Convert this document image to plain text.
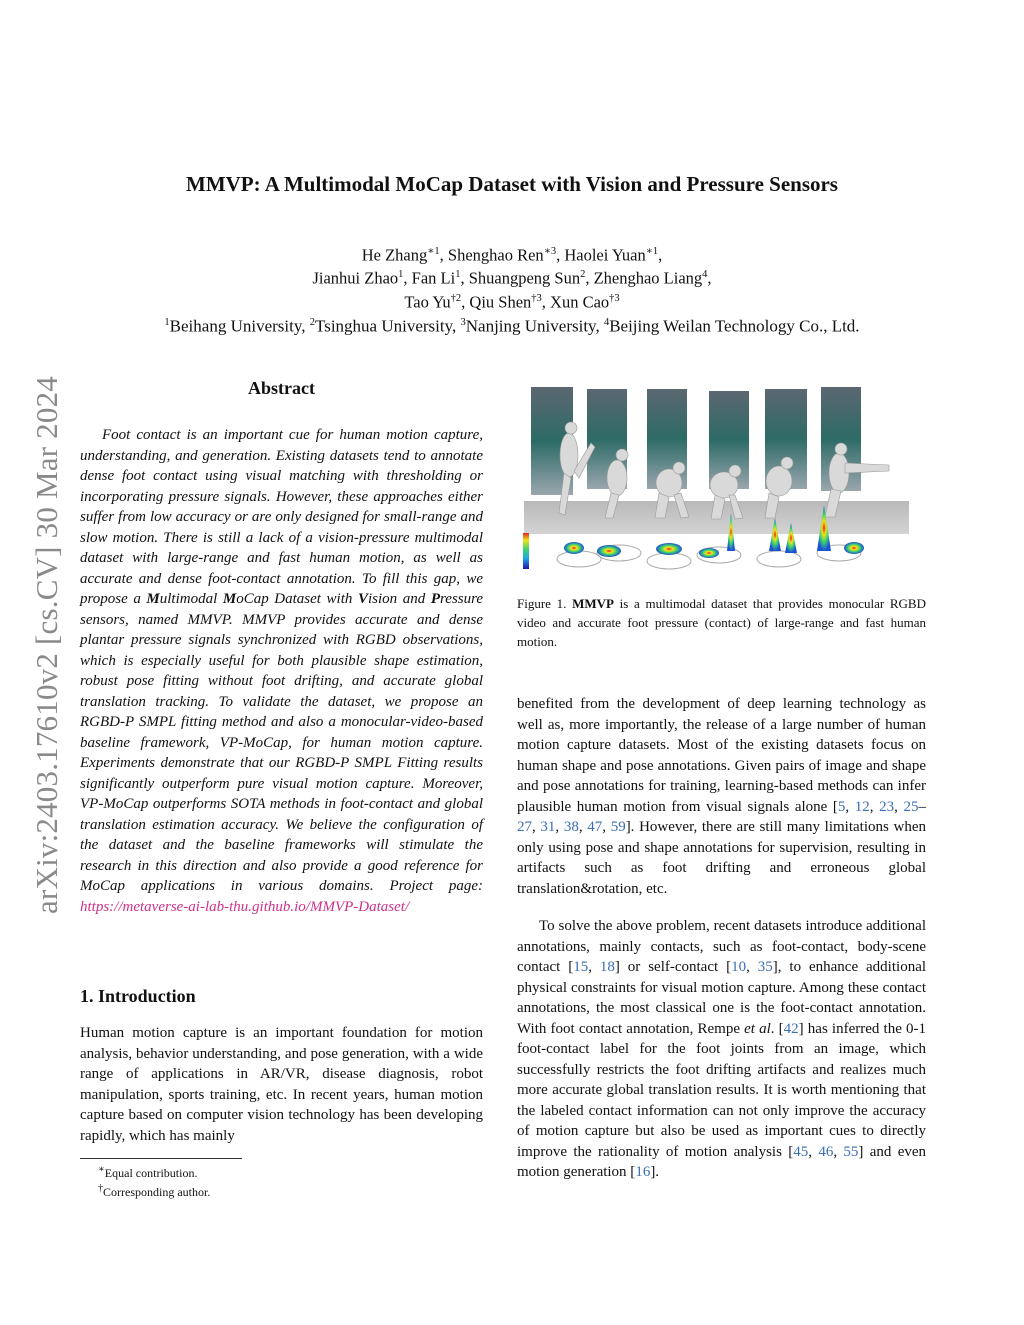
arXiv:2403.17610v2 [cs.CV] 30 Mar 2024
MMVP: A Multimodal MoCap Dataset with Vision and Pressure Sensors
He Zhang$^{∗1}$, Shenghao Ren$^{∗3}$, Haolei Yuan$^{∗1}$,
Jianhui Zhao$^1$, Fan Li$^1$, Shuangpeng Sun$^2$, Zhenghao Liang$^4$,
Tao Yu$^{\dagger 2}$, Qiu Shen$^{\dagger 3}$, Xun Cao$^{\dagger 3}$
$^1$Beihang University, $^2$Tsinghua University, $^3$Nanjing University, $^4$Beijing Weilan Technology Co., Ltd.
Abstract

Foot contact is an important cue for human motion capture, understanding, and generation. Existing datasets tend to annotate dense foot contact using visual matching with thresholding or incorporating pressure signals. However, these approaches either suffer from low accuracy or are only designed for small-range and slow motion. There is still a lack of a vision-pressure multimodal dataset with large-range and fast human motion, as well as accurate and dense foot-contact annotation. To fill this gap, we propose a Multimodal MoCap Dataset with Vision and Pressure sensors, named MMVP. MMVP provides accurate and dense plantar pressure signals synchronized with RGBD observations, which is especially useful for both plausible shape estimation, robust pose fitting without foot drifting, and accurate global translation tracking. To validate the dataset, we propose an RGBD-P SMPL fitting method and also a monocular-video-based baseline framework, VP-MoCap, for human motion capture. Experiments demonstrate that our RGBD-P SMPL Fitting results significantly outperform pure visual motion capture. Moreover, VP-MoCap outperforms SOTA methods in foot-contact and global translation estimation accuracy. We believe the configuration of the dataset and the baseline frameworks will stimulate the research in this direction and also provide a good reference for MoCap applications in various domains. Project page: https://metaverse-ai-lab-thu.github.io/MMVP-Dataset/

1. Introduction
Human motion capture is an important foundation for motion analysis, behavior understanding, and pose generation, with a wide range of applications in AR/VR, disease diagnosis, robot manipulation, sports training, etc. In recent years, human motion capture based on computer vision technology has been developing rapidly, which has mainly
∗Equal contribution.
†Corresponding author.
Figure 1. MMVP is a multimodal dataset that provides monocular RGBD video and accurate foot pressure (contact) of large-range and fast human motion.
benefited from the development of deep learning technology as well as, more importantly, the release of a large number of human motion capture datasets. Most of the existing datasets focus on human shape and pose annotations. Given pairs of image and shape and pose annotations for training, learning-based methods can infer plausible human motion from visual signals alone [5, 12, 23, 25–27, 31, 38, 47, 59]. However, there are still many limitations when only using pose and shape annotations for supervision, resulting in artifacts such as foot drifting and erroneous global translation&rotation, etc.
To solve the above problem, recent datasets introduce additional annotations, mainly contacts, such as foot-contact, body-scene contact [15, 18] or self-contact [10, 35], to enhance additional physical constraints for visual motion capture. Among these contact annotations, the most classical one is the foot-contact annotation. With foot contact annotation, Rempe et al. [42] has inferred the 0-1 foot-contact label for the foot joints from an image, which successfully restricts the foot drifting artifacts and realizes much more accurate global translation results. It is worth mentioning that the labeled contact information can not only improve the accuracy of motion capture but also be used as important cues to directly improve the rationality of motion analysis [45, 46, 55] and even motion generation [16].
